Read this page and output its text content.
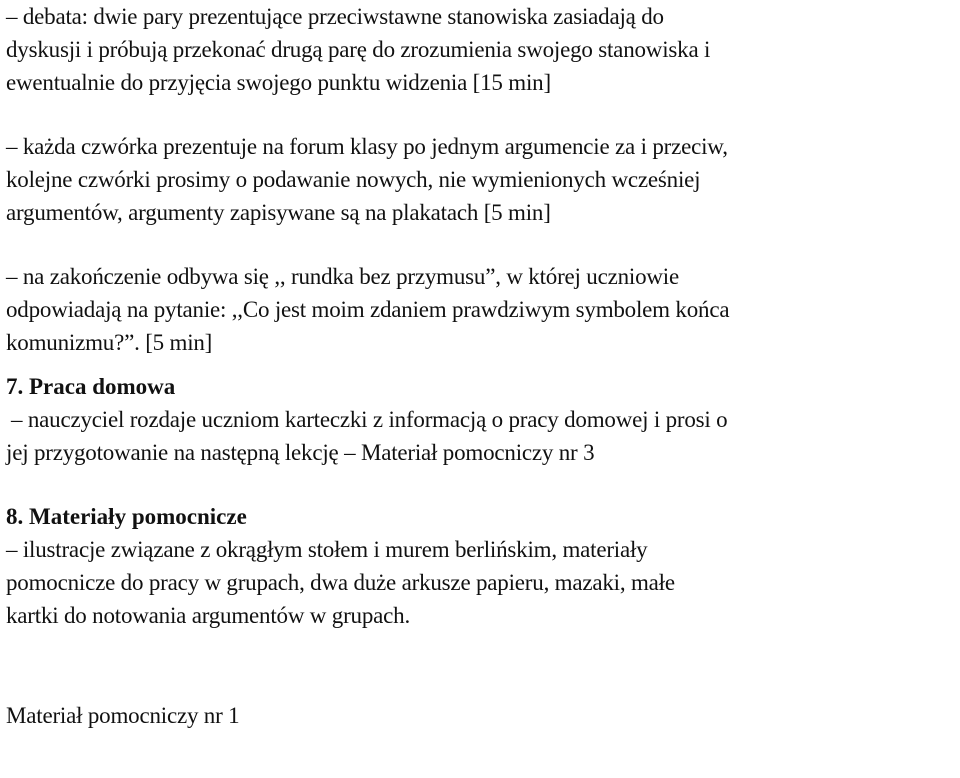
– debata: dwie pary prezentujące przeciwstawne stanowiska zasiadają do
dyskusji i próbują przekonać drugą parę do zrozumienia swojego stanowiska i
ewentualnie do przyjęcia swojego punktu widzenia [15 min]

– każda czwórka prezentuje na forum klasy po jednym argumencie za i przeciw,
kolejne czwórki prosimy o podawanie nowych, nie wymienionych wcześniej
argumentów, argumenty zapisywane są na plakatach [5 min]

– na zakończenie odbywa się ,, rundka bez przymusu”, w której uczniowie
odpowiadają na pytanie: ,,Co jest moim zdaniem prawdziwym symbolem końca
komunizmu?”. [5 min]

7. Praca domowa

– nauczyciel rozdaje uczniom karteczki z informacją o pracy domowej i prosi o
jej przygotowanie na następną lekcję – Materiał pomocniczy nr 3

8. Materiały pomocnicze

– ilustracje związane z okrągłym stołem i murem berlińskim, materiały
pomocnicze do pracy w grupach, dwa duże arkusze papieru, mazaki, małe
kartki do notowania argumentów w grupach.

Materiał pomocniczy nr 1
